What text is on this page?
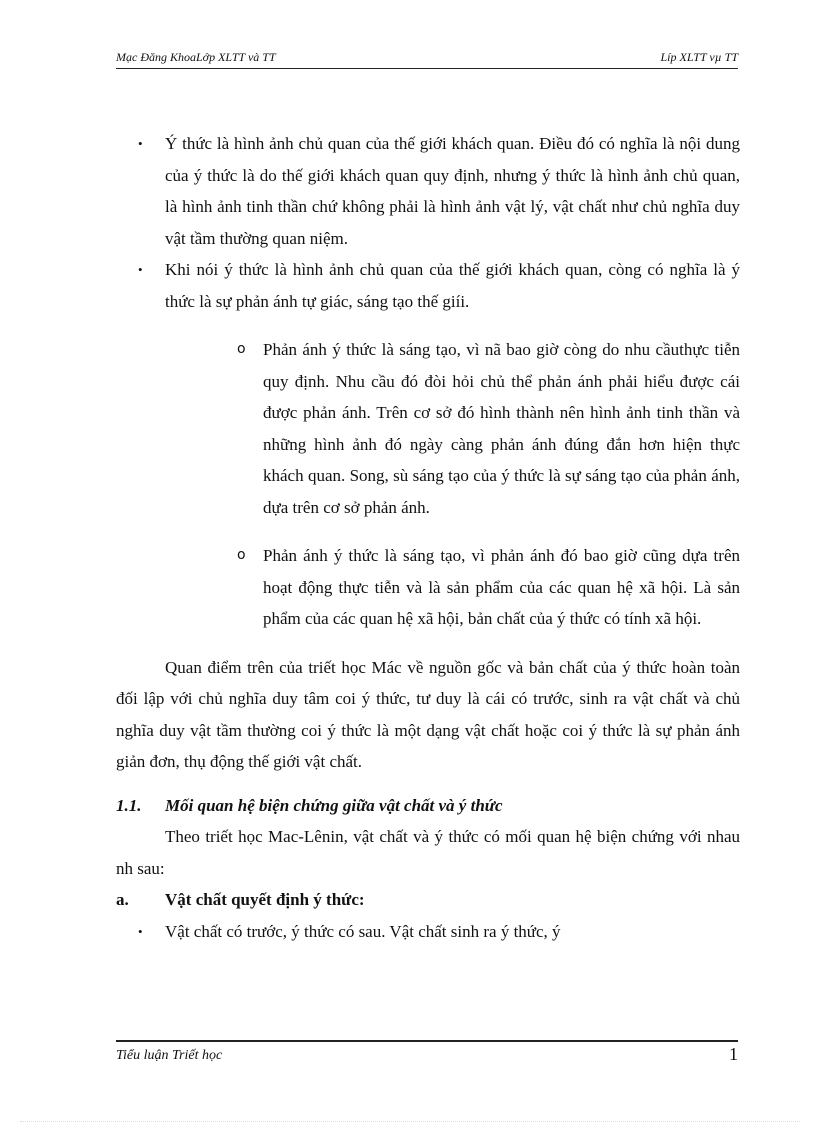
Mạc Đăng KhoaLớp XLTT và TT	Líp XLTT vµ TT

• Ý thức là hình ảnh chủ quan của thế giới khách quan. Điều đó có nghĩa là nội dung của ý thức là do thế giới khách quan quy định, nhưng ý thức là hình ảnh chủ quan, là hình ảnh tinh thần chứ không phải là hình ảnh vật lý, vật chất như chủ nghĩa duy vật tầm thường quan niệm.

• Khi nói ý thức là hình ảnh chủ quan của thế giới khách quan, còng có nghĩa là ý thức là sự phản ánh tự giác, sáng tạo thế giíi.

o Phản ánh ý thức là sáng tạo, vì nã bao giờ còng do nhu cầuthực tiễn quy định. Nhu cầu đó đòi hỏi chủ thể phản ánh phải hiểu được cái được phản ánh. Trên cơ sở đó hình thành nên hình ảnh tinh thần và những hình ảnh đó ngày càng phản ánh đúng đắn hơn hiện thực khách quan. Song, sù sáng tạo của ý thức là sự sáng tạo của phản ánh, dựa trên cơ sở phản ánh.

o Phản ánh ý thức là sáng tạo, vì phản ánh đó bao giờ cũng dựa trên hoạt động thực tiễn và là sản phẩm của các quan hệ xã hội. Là sản phẩm của các quan hệ xã hội, bản chất của ý thức có tính xã hội.

Quan điểm trên của triết học Mác về nguồn gốc và bản chất của ý thức hoàn toàn đối lập với chủ nghĩa duy tâm coi ý thức, tư duy là cái có trước, sinh ra vật chất và chủ nghĩa duy vật tầm thường coi ý thức là một dạng vật chất hoặc coi ý thức là sự phản ánh giản đơn, thụ động thế giới vật chất.

1.1. Mối quan hệ biện chứng giữa vật chất và ý thức

Theo triết học Mac-Lênin, vật chất và ý thức có mối quan hệ biện chứng với nhau nh sau:

a. Vật chất quyết định ý thức:

• Vật chất có trước, ý thức có sau. Vật chất sinh ra ý thức, ý

Tiểu luận Triết học	1
